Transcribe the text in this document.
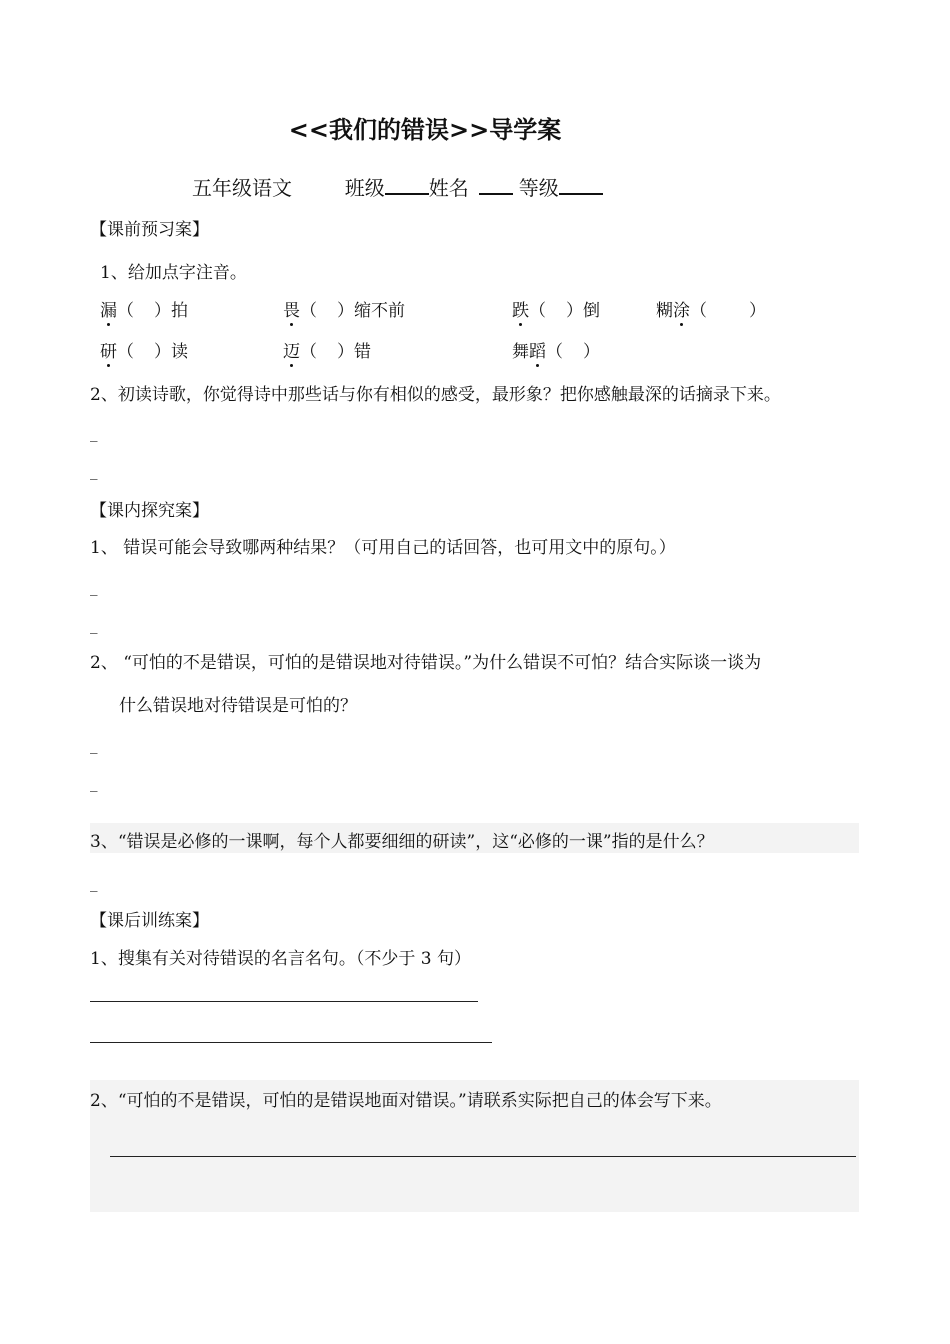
<<我们的错误>>导学案
五年级语文	班级 姓名	等级
【课前预习案】
1、给加点字注音。
漏（ ）拍	畏（ ）缩不前	跌（ ）倒	糊涂（ ）
研（ ）读	迈（ ）错	舞蹈（ ）
2、初读诗歌，你觉得诗中那些话与你有相似的感受，最形象？把你感触最深的话摘录下来。
_
_
【课内探究案】
1、 错误可能会导致哪两种结果？（可用自己的话回答，也可用文中的原句。）
_
_
2、 “可怕的不是错误，可怕的是错误地对待错误。”为什么错误不可怕？结合实际谈一谈为
什么错误地对待错误是可怕的？
_
_
3、“错误是必修的一课啊，每个人都要细细的研读”，这“必修的一课”指的是什么？
_
【课后训练案】
1、搜集有关对待错误的名言名句。（不少于 3 句）
2、“可怕的不是错误，可怕的是错误地面对错误。”请联系实际把自己的体会写下来。
